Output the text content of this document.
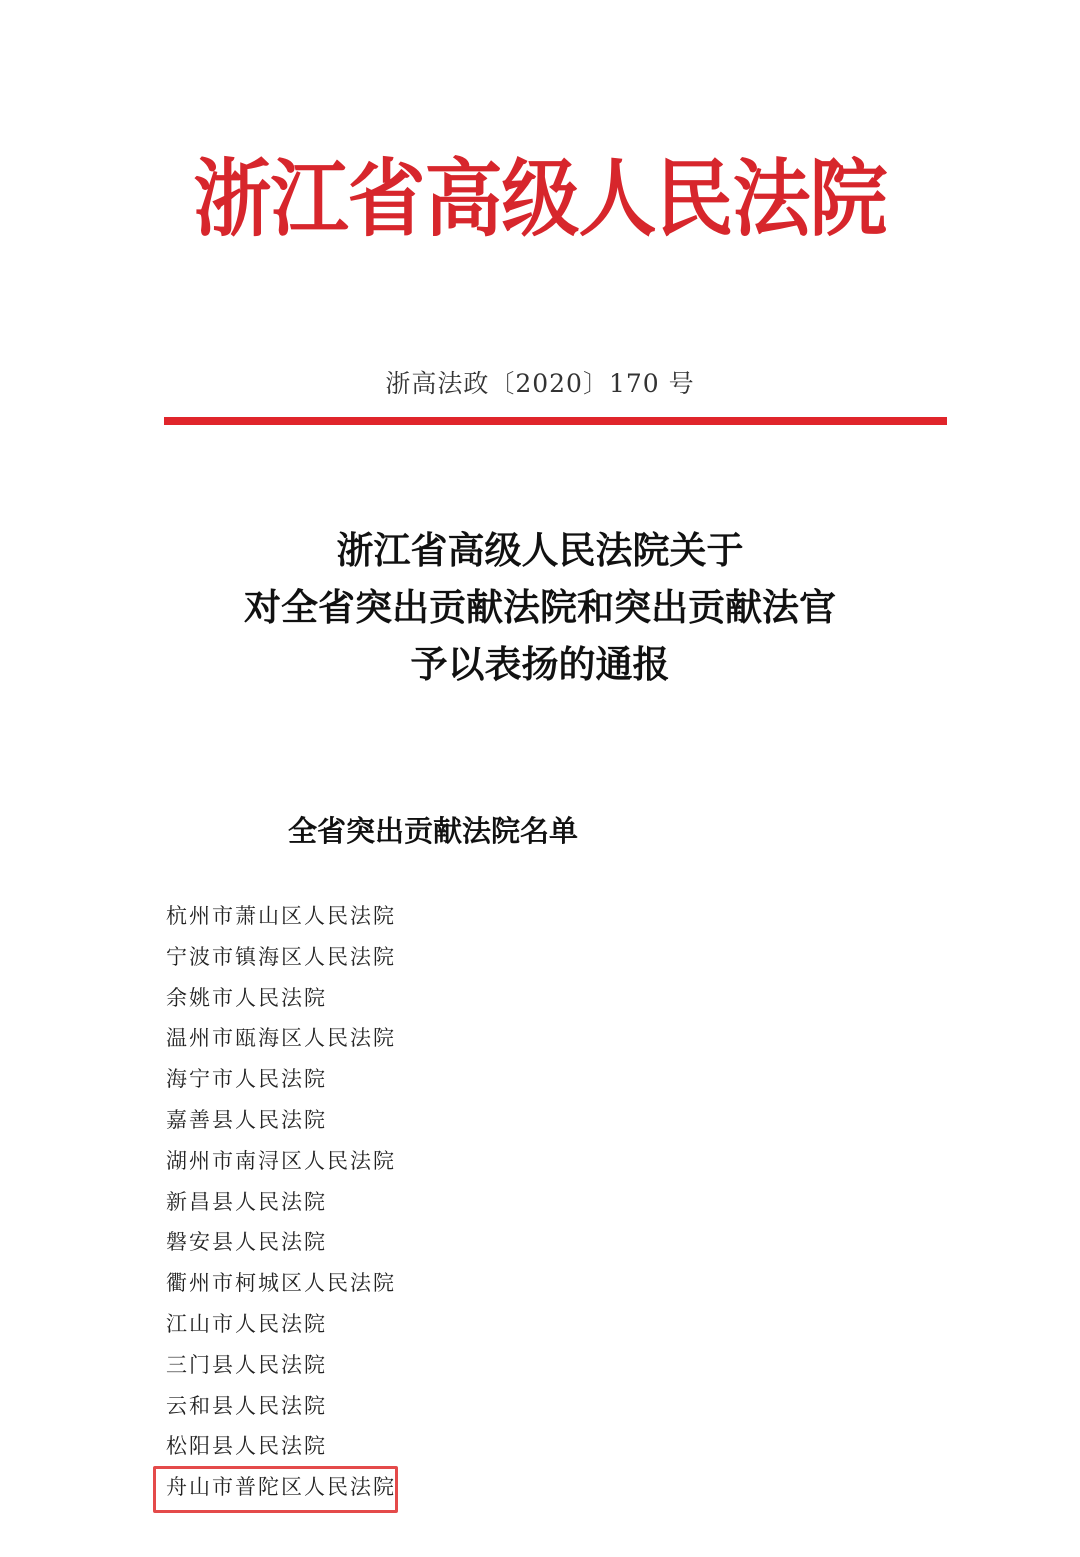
浙江省高级人民法院
浙高法政〔2020〕170 号
浙江省高级人民法院关于
对全省突出贡献法院和突出贡献法官
予以表扬的通报
全省突出贡献法院名单
杭州市萧山区人民法院
宁波市镇海区人民法院
余姚市人民法院
温州市瓯海区人民法院
海宁市人民法院
嘉善县人民法院
湖州市南浔区人民法院
新昌县人民法院
磐安县人民法院
衢州市柯城区人民法院
江山市人民法院
三门县人民法院
云和县人民法院
松阳县人民法院
舟山市普陀区人民法院
